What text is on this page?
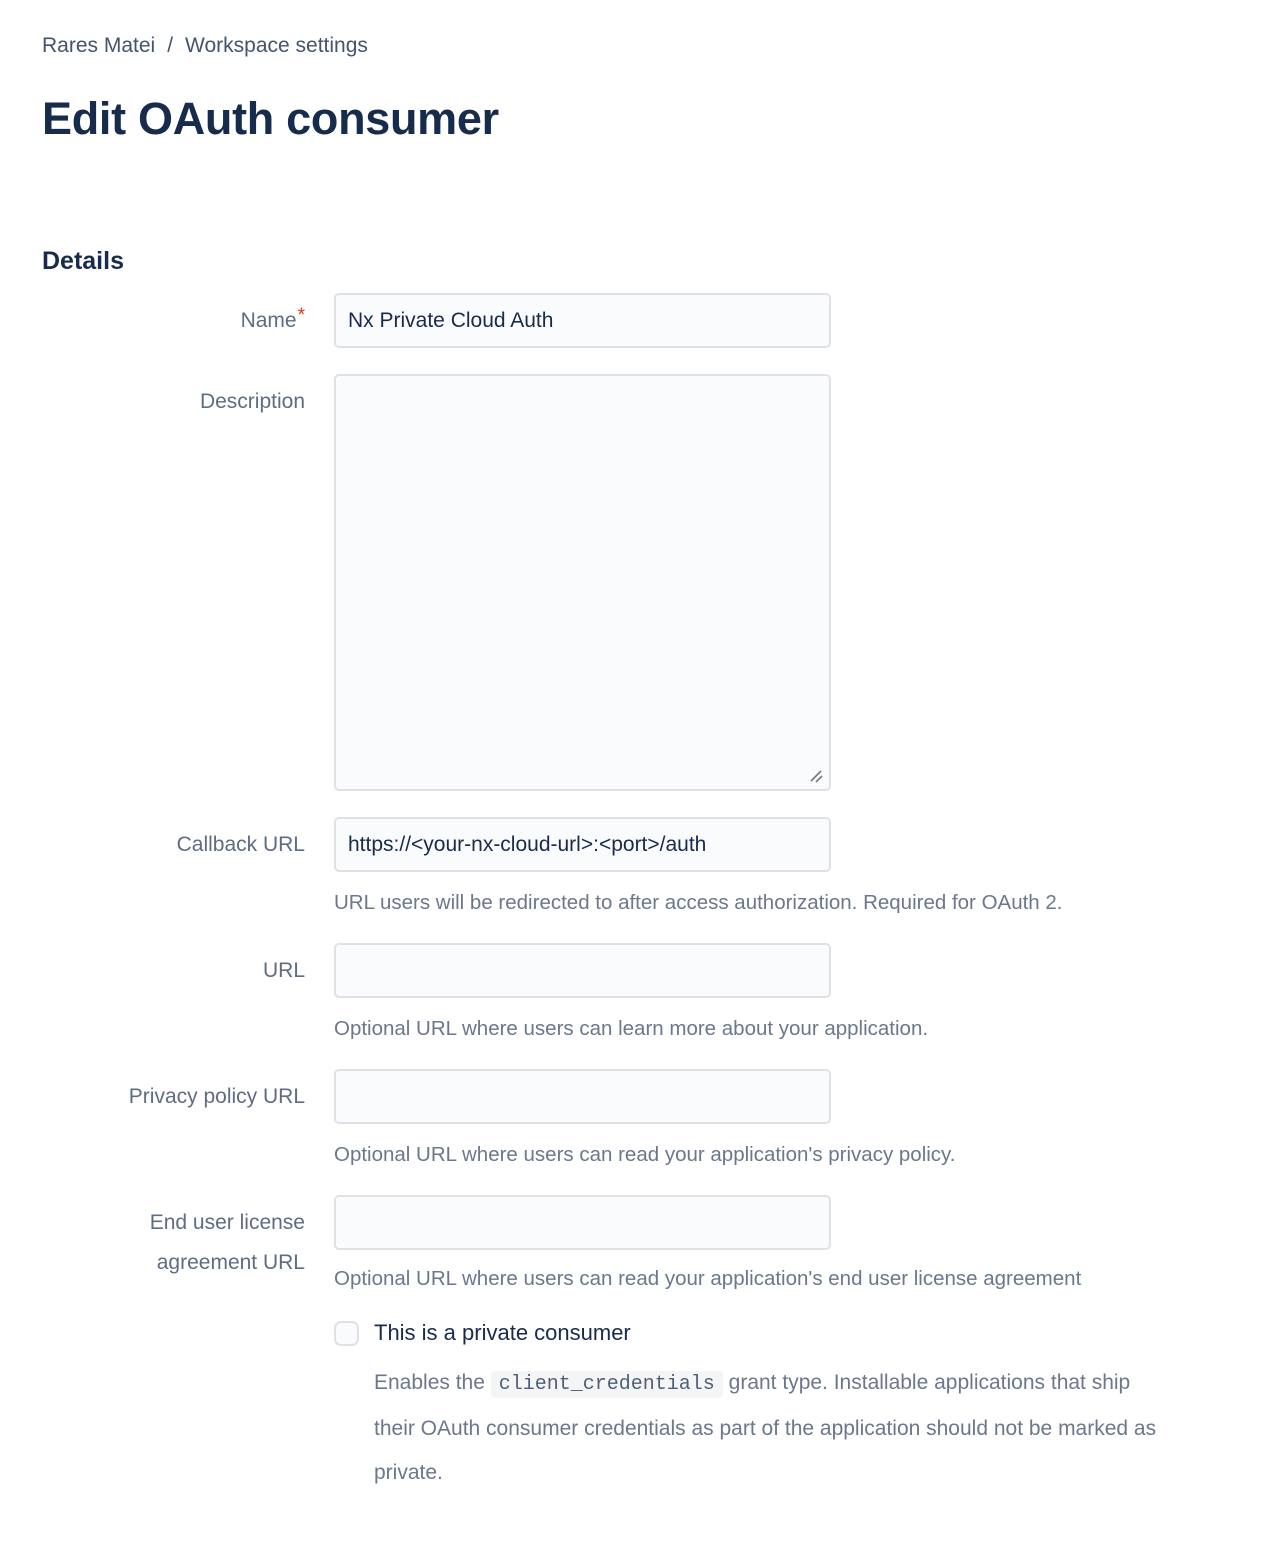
Rares Matei / Workspace settings
Edit OAuth consumer
Details
Name*
Nx Private Cloud Auth
Description
Callback URL
https://<your-nx-cloud-url>:<port>/auth
URL users will be redirected to after access authorization. Required for OAuth 2.
URL
Optional URL where users can learn more about your application.
Privacy policy URL
Optional URL where users can read your application's privacy policy.
End user license agreement URL
Optional URL where users can read your application's end user license agreement
This is a private consumer
Enables the client_credentials grant type. Installable applications that ship their OAuth consumer credentials as part of the application should not be marked as private.
